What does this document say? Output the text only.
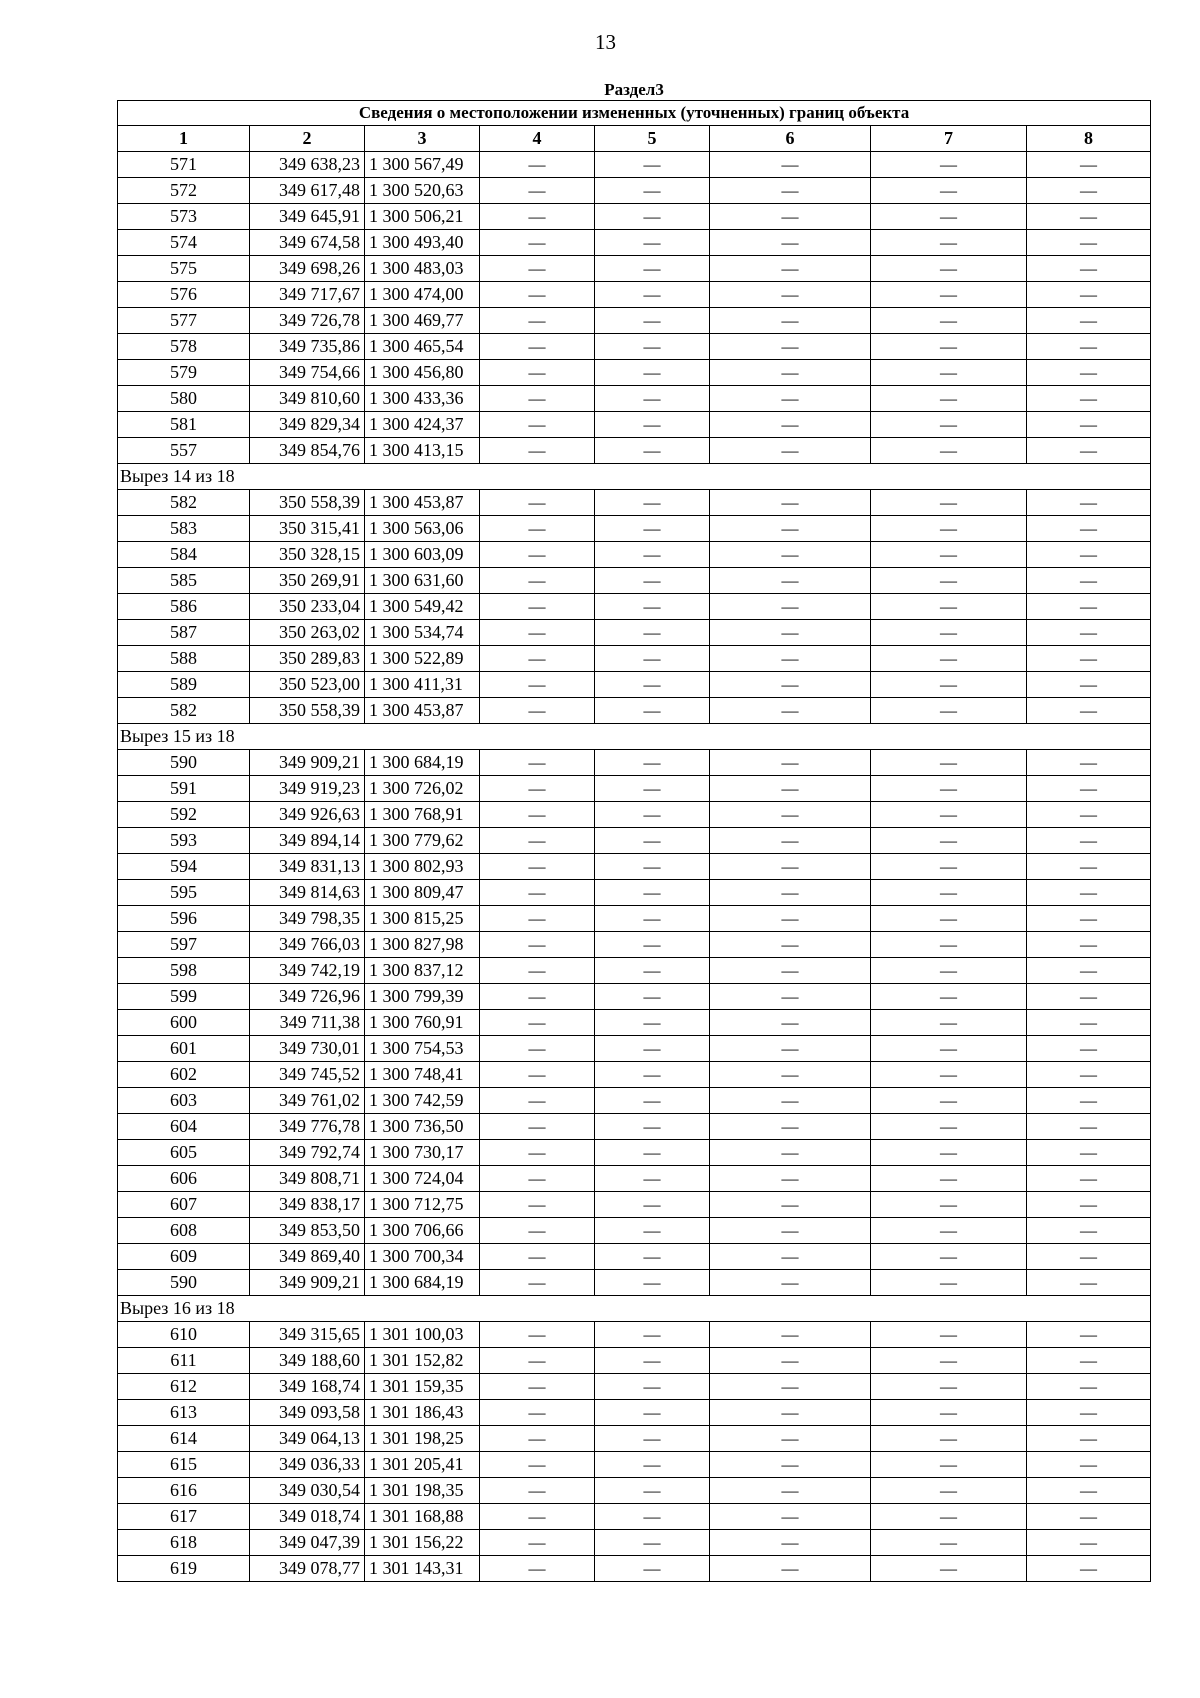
13
Раздел3							
Сведения о местоположении измененных (уточненных) границ объекта							
1	2	3	4	5	6	7	8
571	349 638,23	1 300 567,49	—	—	—	—	—
572	349 617,48	1 300 520,63	—	—	—	—	—
573	349 645,91	1 300 506,21	—	—	—	—	—
574	349 674,58	1 300 493,40	—	—	—	—	—
575	349 698,26	1 300 483,03	—	—	—	—	—
576	349 717,67	1 300 474,00	—	—	—	—	—
577	349 726,78	1 300 469,77	—	—	—	—	—
578	349 735,86	1 300 465,54	—	—	—	—	—
579	349 754,66	1 300 456,80	—	—	—	—	—
580	349 810,60	1 300 433,36	—	—	—	—	—
581	349 829,34	1 300 424,37	—	—	—	—	—
557	349 854,76	1 300 413,15	—	—	—	—	—
Вырез 14 из 18							
582	350 558,39	1 300 453,87	—	—	—	—	—
583	350 315,41	1 300 563,06	—	—	—	—	—
584	350 328,15	1 300 603,09	—	—	—	—	—
585	350 269,91	1 300 631,60	—	—	—	—	—
586	350 233,04	1 300 549,42	—	—	—	—	—
587	350 263,02	1 300 534,74	—	—	—	—	—
588	350 289,83	1 300 522,89	—	—	—	—	—
589	350 523,00	1 300 411,31	—	—	—	—	—
582	350 558,39	1 300 453,87	—	—	—	—	—
Вырез 15 из 18							
590	349 909,21	1 300 684,19	—	—	—	—	—
591	349 919,23	1 300 726,02	—	—	—	—	—
592	349 926,63	1 300 768,91	—	—	—	—	—
593	349 894,14	1 300 779,62	—	—	—	—	—
594	349 831,13	1 300 802,93	—	—	—	—	—
595	349 814,63	1 300 809,47	—	—	—	—	—
596	349 798,35	1 300 815,25	—	—	—	—	—
597	349 766,03	1 300 827,98	—	—	—	—	—
598	349 742,19	1 300 837,12	—	—	—	—	—
599	349 726,96	1 300 799,39	—	—	—	—	—
600	349 711,38	1 300 760,91	—	—	—	—	—
601	349 730,01	1 300 754,53	—	—	—	—	—
602	349 745,52	1 300 748,41	—	—	—	—	—
603	349 761,02	1 300 742,59	—	—	—	—	—
604	349 776,78	1 300 736,50	—	—	—	—	—
605	349 792,74	1 300 730,17	—	—	—	—	—
606	349 808,71	1 300 724,04	—	—	—	—	—
607	349 838,17	1 300 712,75	—	—	—	—	—
608	349 853,50	1 300 706,66	—	—	—	—	—
609	349 869,40	1 300 700,34	—	—	—	—	—
590	349 909,21	1 300 684,19	—	—	—	—	—
Вырез 16 из 18							
610	349 315,65	1 301 100,03	—	—	—	—	—
611	349 188,60	1 301 152,82	—	—	—	—	—
612	349 168,74	1 301 159,35	—	—	—	—	—
613	349 093,58	1 301 186,43	—	—	—	—	—
614	349 064,13	1 301 198,25	—	—	—	—	—
615	349 036,33	1 301 205,41	—	—	—	—	—
616	349 030,54	1 301 198,35	—	—	—	—	—
617	349 018,74	1 301 168,88	—	—	—	—	—
618	349 047,39	1 301 156,22	—	—	—	—	—
619	349 078,77	1 301 143,31	—	—	—	—	—
